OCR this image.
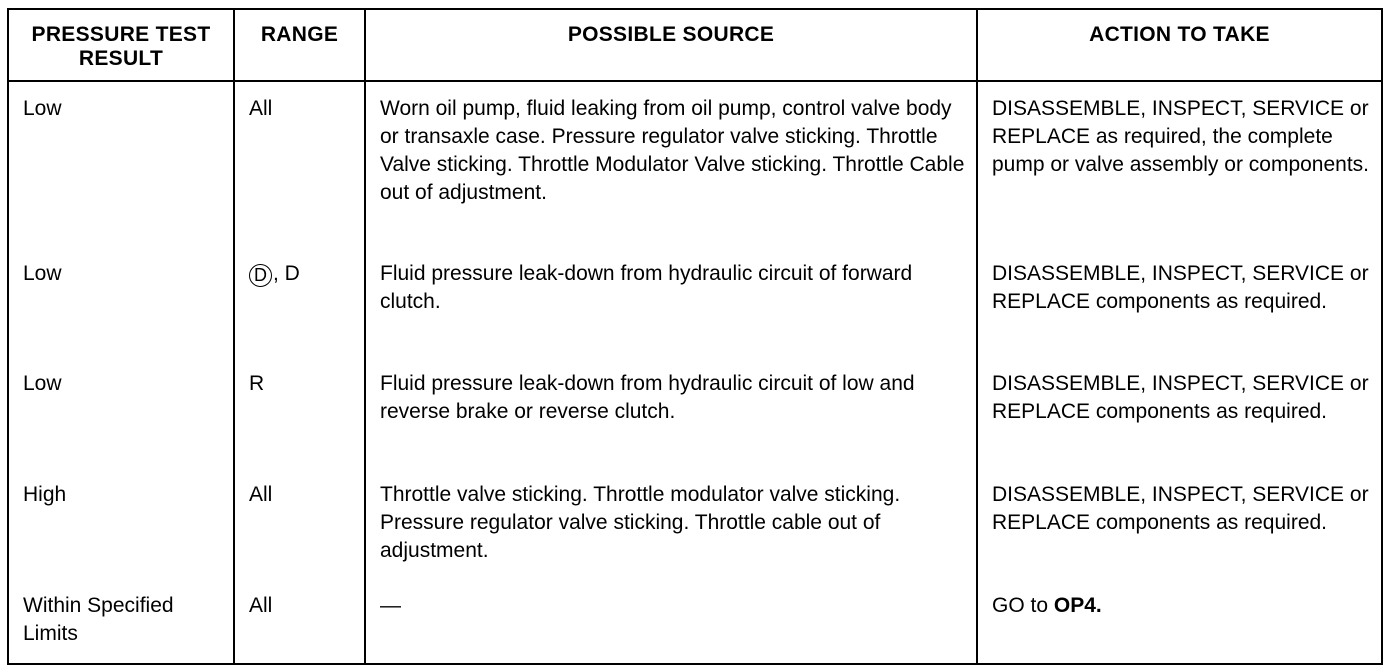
PRESSURE TEST RESULT	RANGE	POSSIBLE SOURCE	ACTION TO TAKE
Low	All	Worn oil pump, fluid leaking from oil pump, control valve body or transaxle case. Pressure regulator valve sticking. Throttle Valve sticking. Throttle Modulator Valve sticking. Throttle Cable out of adjustment.	DISASSEMBLE, INSPECT, SERVICE or REPLACE as required, the complete pump or valve assembly or components.
Low	D , D	Fluid pressure leak-down from hydraulic circuit of forward clutch.	DISASSEMBLE, INSPECT, SERVICE or REPLACE components as required.
Low	R	Fluid pressure leak-down from hydraulic circuit of low and reverse brake or reverse clutch.	DISASSEMBLE, INSPECT, SERVICE or REPLACE components as required.
High	All	Throttle valve sticking. Throttle modulator valve sticking. Pressure regulator valve sticking. Throttle cable out of adjustment.	DISASSEMBLE, INSPECT, SERVICE or REPLACE components as required.
Within Specified Limits	All	—	GO to OP4.
